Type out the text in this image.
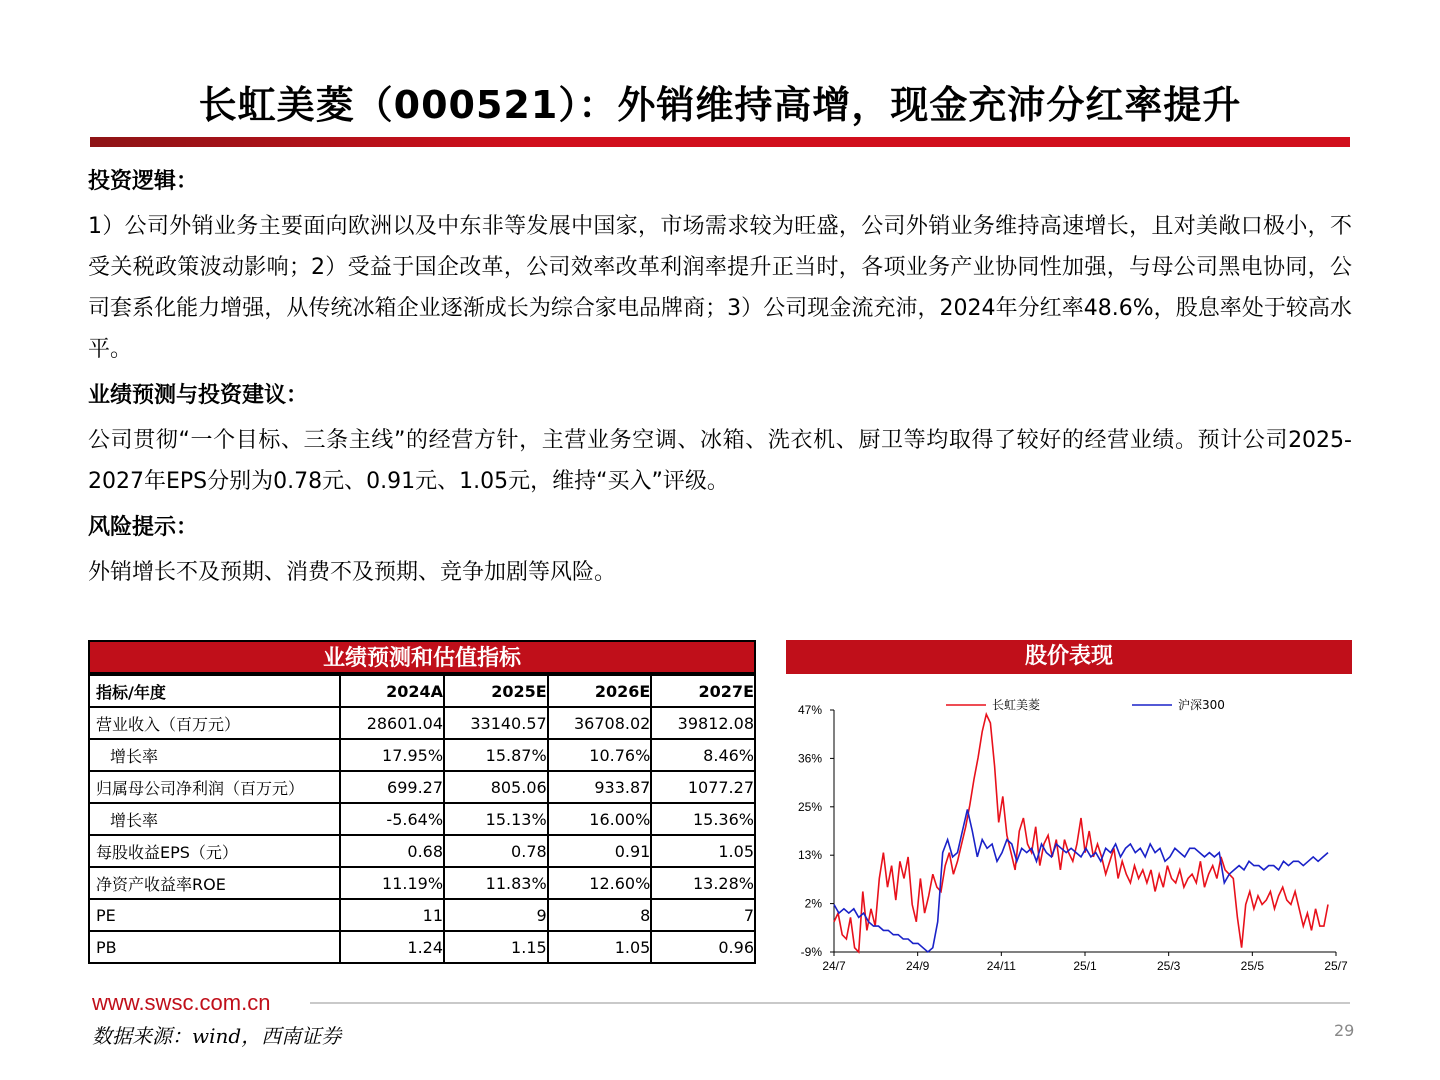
长虹美菱（000521）：外销维持高增，现金充沛分红率提升
投资逻辑：

1）公司外销业务主要面向欧洲以及中东非等发展中国家，市场需求较为旺盛，公司外销业务维持高速增长，且对美敞口极小，不受关税政策波动影响；2）受益于国企改革，公司效率改革利润率提升正当时，各项业务产业协同性加强，与母公司黑电协同，公司套系化能力增强，从传统冰箱企业逐渐成长为综合家电品牌商；3）公司现金流充沛，2024年分红率48.6%，股息率处于较高水平。

业绩预测与投资建议：

公司贯彻“一个目标、三条主线”的经营方针，主营业务空调、冰箱、洗衣机、厨卫等均取得了较好的经营业绩。预计公司2025-2027年EPS分别为0.78元、0.91元、1.05元，维持“买入”评级。

风险提示：

外销增长不及预期、消费不及预期、竞争加剧等风险。

业绩预测和估值指标
指标/年度	2024A	2025E	2026E	2027E
营业收入（百万元）	28601.04	33140.57	36708.02	39812.08
增长率	17.95%	15.87%	10.76%	8.46%
归属母公司净利润（百万元）	699.27	805.06	933.87	1077.27
增长率	-5.64%	15.13%	16.00%	15.36%
每股收益EPS（元）	0.68	0.78	0.91	1.05
净资产收益率ROE	11.19%	11.83%	12.60%	13.28%
PE	11	9	8	7
PB	1.24	1.15	1.05	0.96
股价表现
47%
36%
25%
13%
2%
-9%
24/7	24/9	24/11	25/1	25/3	25/5	25/7
长虹美菱	沪深300
www.swsc.com.cn
数据来源：wind，西南证券	29
